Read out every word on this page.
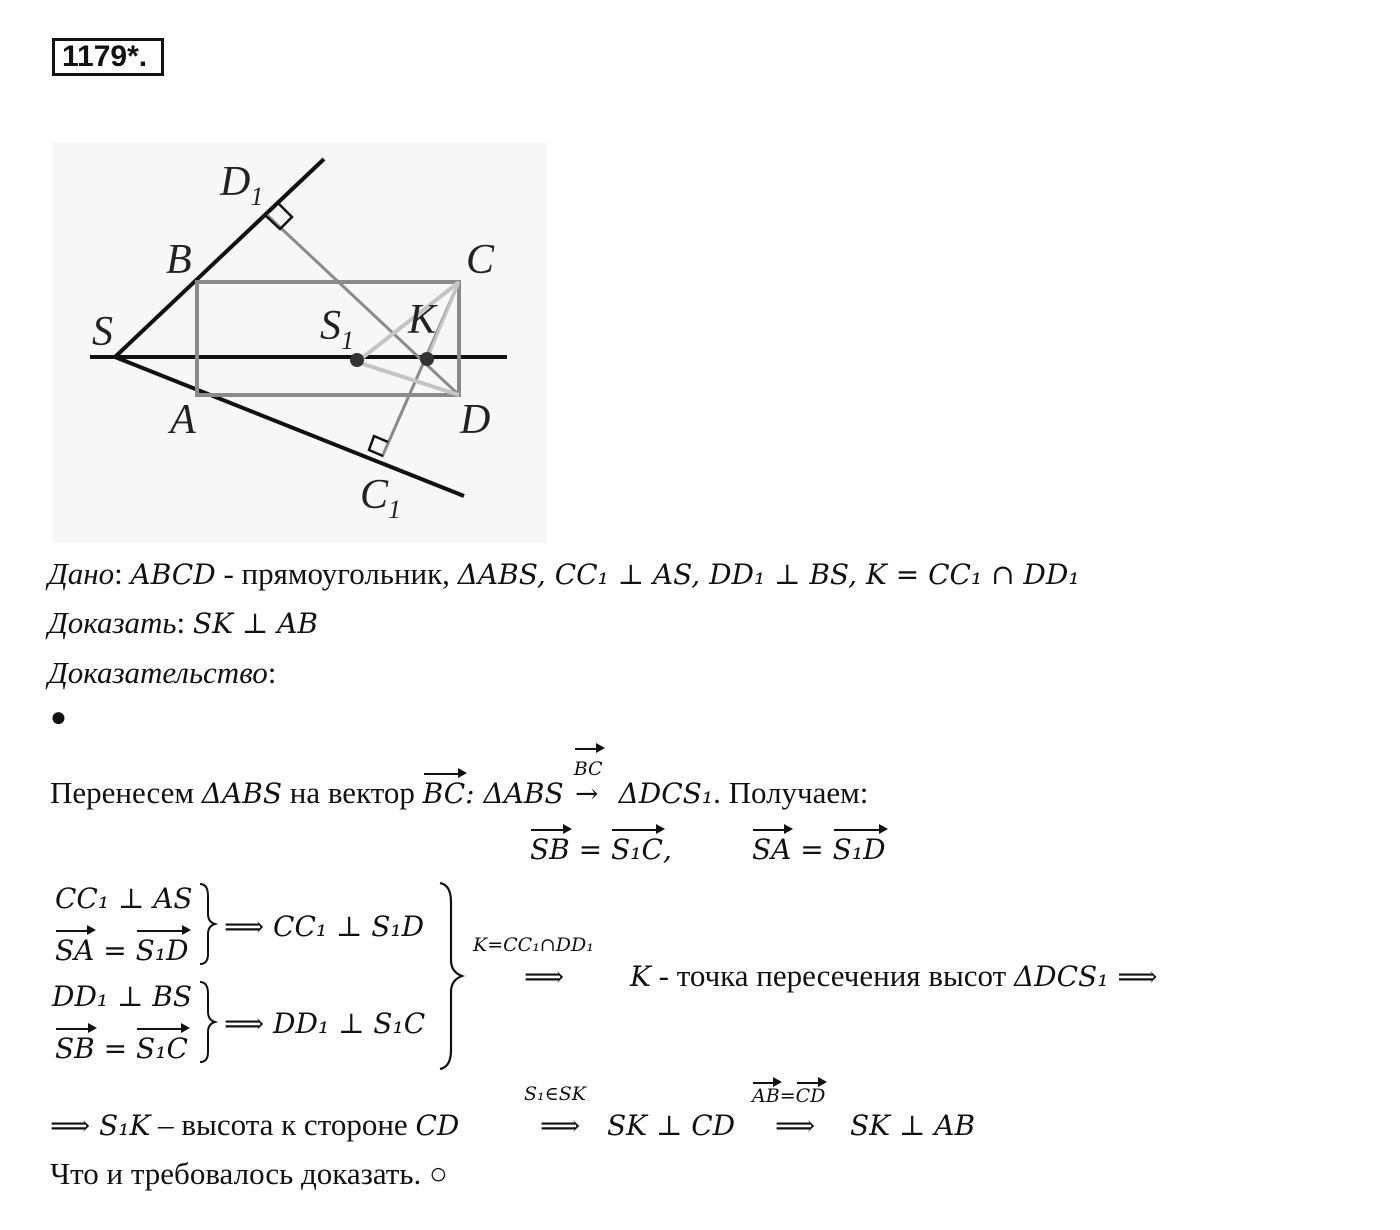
1179*.
$D_1$
B	C
S	$S_1$ K
A	D
$C_1$
Дано: ABCD - прямоугольник, ΔABS, CC₁ ⊥ AS, DD₁ ⊥ BS, K = CC₁ ∩ DD₁
Доказать: SK ⊥ AB
Доказательство:
●
Перенесем ΔABS на вектор BC: ΔABS
BC
→ ΔDCS₁. Получаем:
SB = S₁C,	SA = S₁D
CC₁ ⊥ AS
SA = S₁D
DD₁ ⊥ BS
SB = S₁C
⟹ CC₁ ⊥ S₁D
⟹ DD₁ ⊥ S₁C
K=CC₁∩DD₁
⟹ K - точка пересечения высот ΔDCS₁ ⟹
⟹ S₁K – высота к стороне CD
S₁∈SK
⟹ SK ⊥ CD
AB=CD
⟹ SK ⊥ AB
Что и требовалось доказать. ○
